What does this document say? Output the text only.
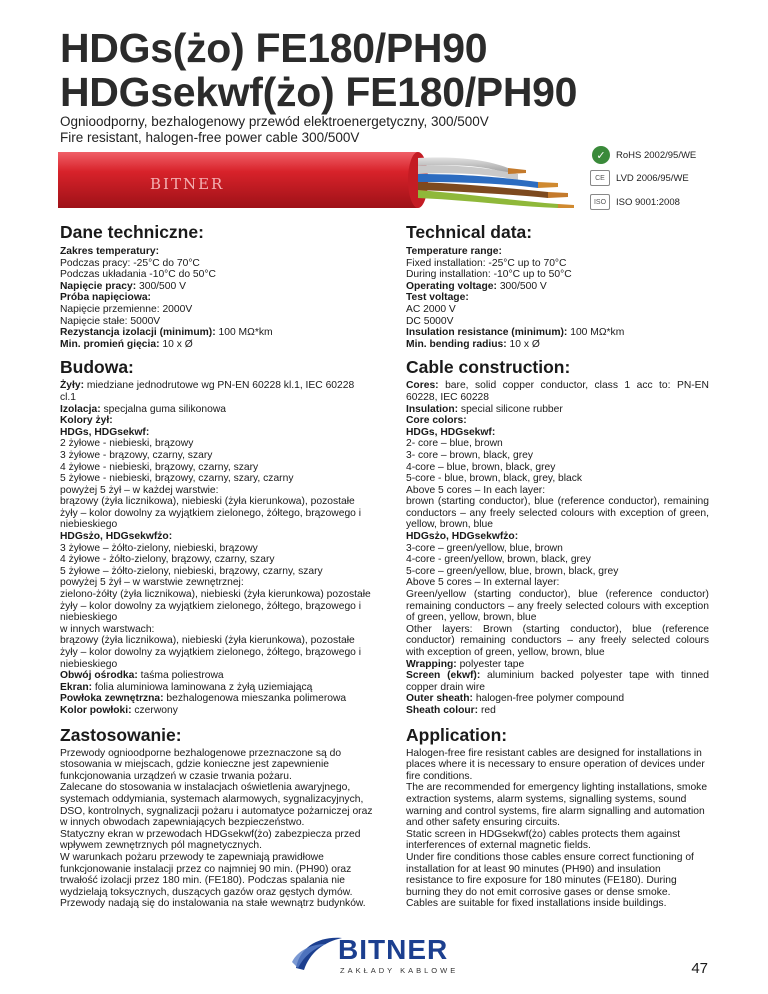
HDGs(żo) FE180/PH90
HDGsekwf(żo) FE180/PH90
Ognioodporny, bezhalogenowy przewód elektroenergetyczny, 300/500V
Fire resistant, halogen-free power cable 300/500V
✓	RoHS 2002/95/WE
CE	LVD 2006/95/WE
ISO	ISO 9001:2008
BITNER
Dane techniczne:

Zakres temperatury:

Podczas pracy: -25°C do 70°C

Podczas układania -10°C do 50°C

Napięcie pracy: 300/500 V

Próba napięciowa:

Napięcie przemienne: 2000V

Napięcie stałe: 5000V

Rezystancja izolacji (minimum): 100 MΩ*km

Min. promień gięcia: 10 x Ø

Budowa:

Żyły: miedziane jednodrutowe wg PN-EN 60228 kl.1, IEC 60228 cl.1

Izolacja: specjalna guma silikonowa

Kolory żył:

HDGs, HDGsekwf:

2 żyłowe - niebieski, brązowy

3 żyłowe - brązowy, czarny, szary

4 żyłowe - niebieski, brązowy, czarny, szary

5 żyłowe - niebieski, brązowy, czarny, szary, czarny

powyżej 5 żył – w każdej warstwie:

brązowy (żyła licznikowa), niebieski (żyła kierunkowa), pozostałe żyły – kolor dowolny za wyjątkiem zielonego, żółtego, brązowego i niebieskiego

HDGsżo, HDGsekwfżo:

3 żyłowe – żółto-zielony, niebieski, brązowy

4 żyłowe - żółto-zielony, brązowy, czarny, szary

5 żyłowe – żółto-zielony, niebieski, brązowy, czarny, szary

powyżej 5 żył – w warstwie zewnętrznej:

zielono-żółty (żyła licznikowa), niebieski (żyła kierunkowa) pozostałe żyły – kolor dowolny za wyjątkiem zielonego, żółtego, brązowego i niebieskiego

w innych warstwach:

brązowy (żyła licznikowa), niebieski (żyła kierunkowa), pozostałe żyły – kolor dowolny za wyjątkiem zielonego, żółtego, brązowego i niebieskiego

Obwój ośrodka: taśma poliestrowa

Ekran: folia aluminiowa laminowana z żyłą uziemiającą

Powłoka zewnętrzna: bezhalogenowa mieszanka polimerowa

Kolor powłoki: czerwony

Zastosowanie:

Przewody ognioodporne bezhalogenowe przeznaczone są do stosowania w miejscach, gdzie konieczne jest zapewnienie funkcjonowania urządzeń w czasie trwania pożaru.

Zalecane do stosowania w instalacjach oświetlenia awaryjnego, systemach oddymiania, systemach alarmowych, sygnalizacyjnych, DSO, kontrolnych, sygnalizacji pożaru i automatyce pożarniczej oraz w innych obwodach zapewniających bezpieczeństwo.

Statyczny ekran w przewodach HDGsekwf(żo) zabezpiecza przed wpływem zewnętrznych pól magnetycznych.

W warunkach pożaru przewody te zapewniają prawidłowe funkcjonowanie instalacji przez co najmniej 90 min. (PH90) oraz trwałość izolacji przez 180 min. (FE180). Podczas spalania nie wydzielają toksycznych, duszących gazów oraz gęstych dymów. Przewody nadają się do instalowania na stałe wewnątrz budynków.

Technical data:

Temperature range:

Fixed installation: -25°C up to 70°C

During installation: -10°C up to 50°C

Operating voltage: 300/500 V

Test voltage:

AC 2000 V

DC 5000V

Insulation resistance (minimum): 100 MΩ*km

Min. bending radius: 10 x Ø

Cable construction:

Cores: bare, solid copper conductor, class 1 acc to: PN-EN 60228, IEC 60228

Insulation: special silicone rubber

Core colors:

HDGs, HDGsekwf:

2- core – blue, brown

3- core – brown, black, grey

4-core – blue, brown, black, grey

5-core - blue, brown, black, grey, black

Above 5 cores – In each layer:

brown (starting conductor), blue (reference conductor), remaining conductors – any freely selected colours with exception of green, yellow, brown, blue

HDGsżo, HDGsekwfżo:

3-core – green/yellow, blue, brown

4-core - green/yellow, brown, black, grey

5-core – green/yellow, blue, brown, black, grey

Above 5 cores – In external layer:

Green/yellow (starting conductor), blue (reference conductor) remaining conductors – any freely selected colours with exception of green, yellow, brown, blue

Other layers: Brown (starting conductor), blue (reference conductor) remaining conductors – any freely selected colours with exception of green, yellow, brown, blue

Wrapping: polyester tape

Screen (ekwf): aluminium backed polyester tape with tinned copper drain wire

Outer sheath: halogen-free polymer compound

Sheath colour: red

Application:

Halogen-free fire resistant cables are designed for installations in places where it is necessary to ensure operation of devices under fire conditions.

The are recommended for emergency lighting installations, smoke extraction systems, alarm systems, signalling systems, sound warning and control systems, fire alarm signalling and automation and other safety ensuring circuits.

Static screen in HDGsekwf(żo) cables protects them against interferences of external magnetic fields.

Under fire conditions those cables ensure correct functioning of installation for at least 90 minutes (PH90) and insulation resistance to fire exposure for 180 minutes (FE180). During burning they do not emit corrosive gases or dense smoke.

Cables are suitable for fixed installations inside buildings.

BITNER
ZAKŁADY KABLOWE	47
